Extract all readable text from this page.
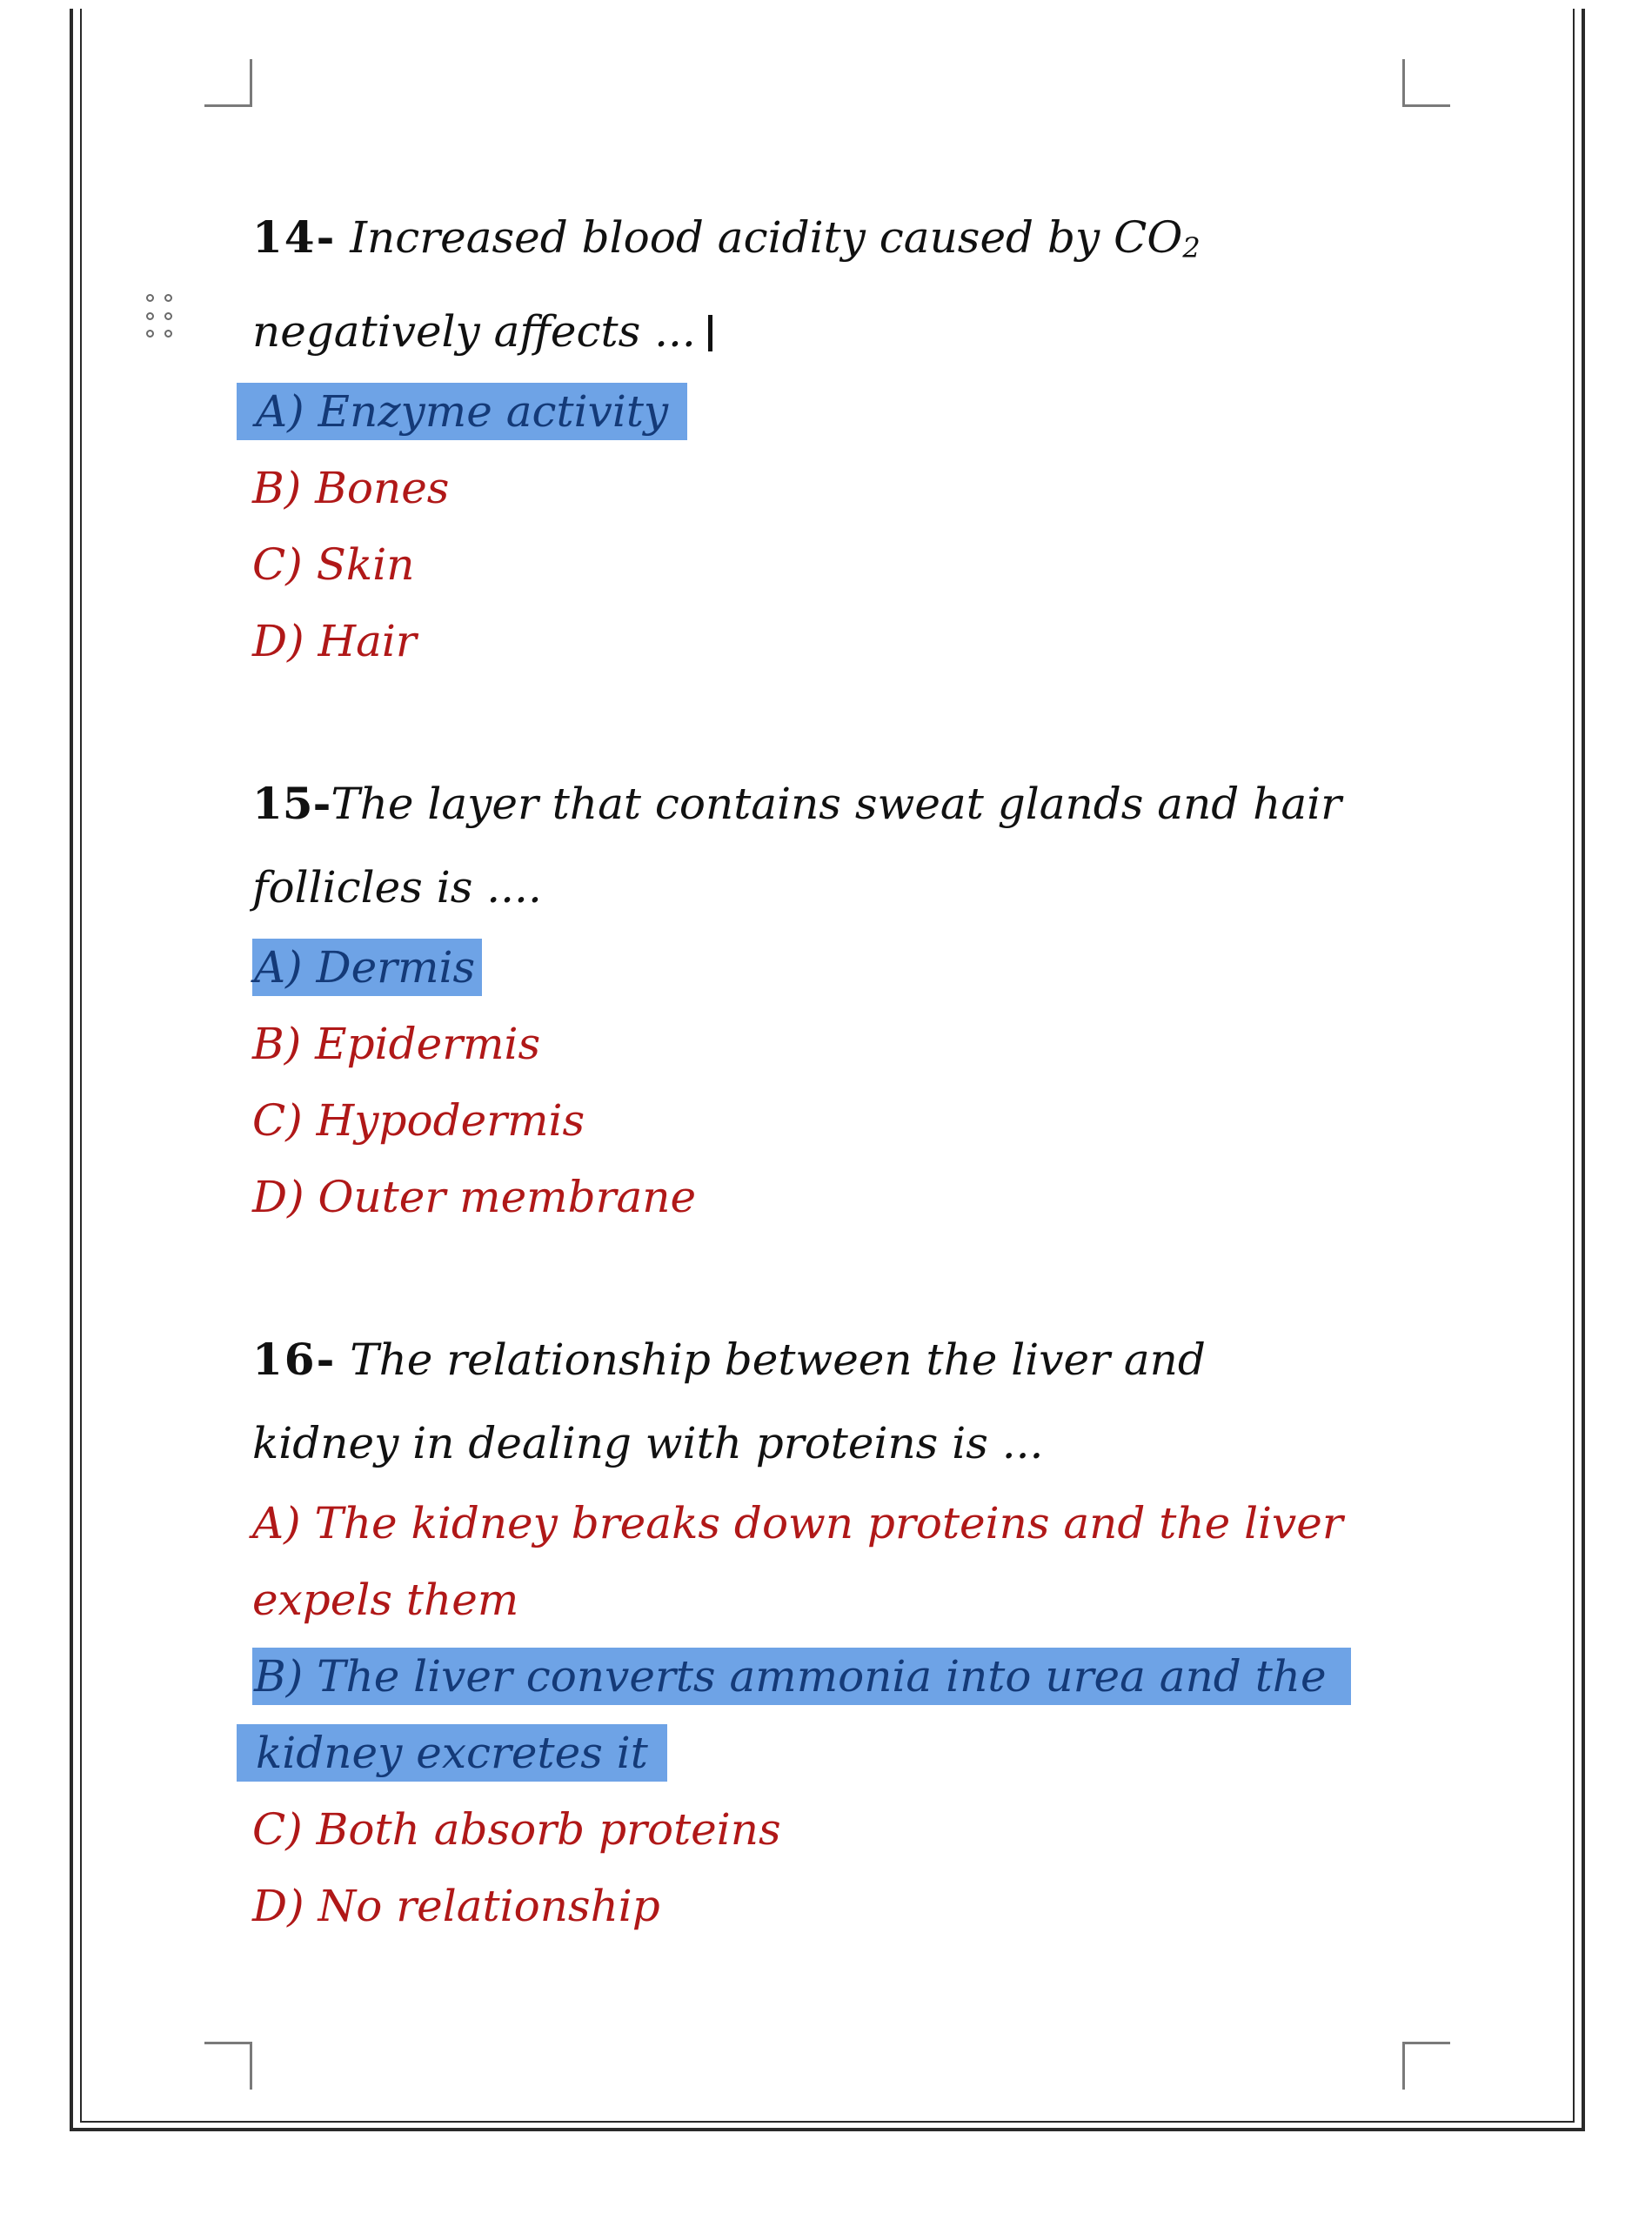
14- Increased blood acidity caused by CO2
negatively affects ...
A) Enzyme activity
B) Bones
C) Skin
D) Hair
15-The layer that contains sweat glands and hair
follicles is ....
A) Dermis
B) Epidermis
C) Hypodermis
D) Outer membrane
16- The relationship between the liver and
kidney in dealing with proteins is ...
A) The kidney breaks down proteins and the liver
expels them
B) The liver converts ammonia into urea and the
kidney excretes it
C) Both absorb proteins
D) No relationship
